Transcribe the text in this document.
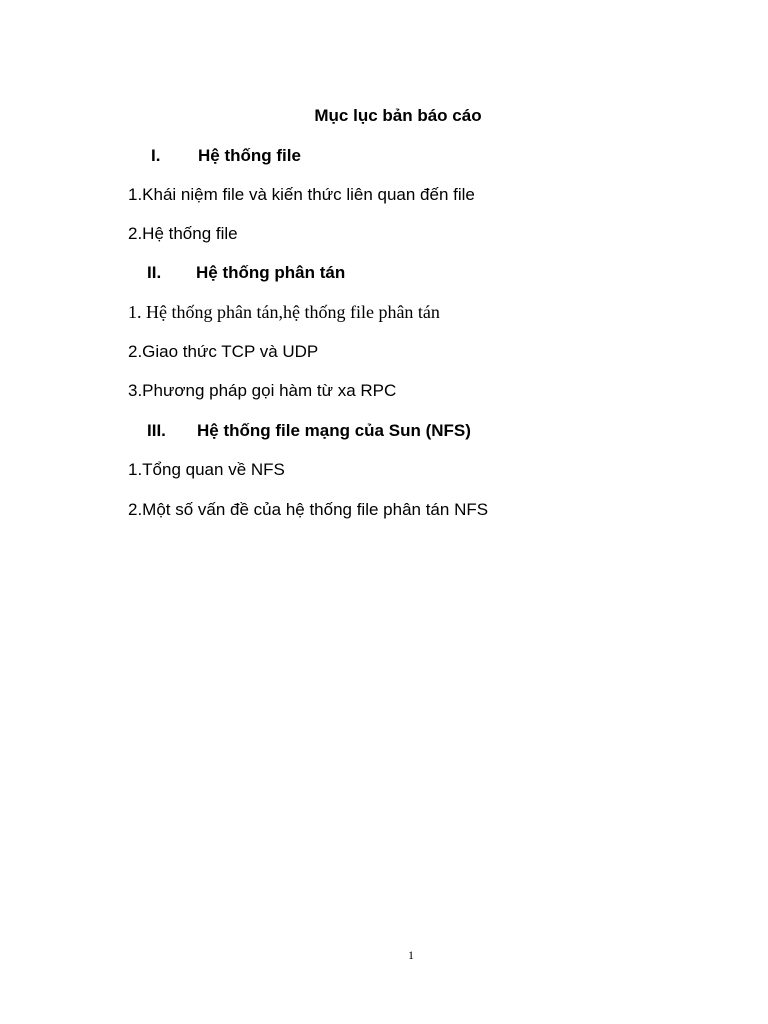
Mục lục bản báo cáo
I. Hệ thống file
1.Khái niệm file và kiến thức liên quan đến file
2.Hệ thống file
II. Hệ thống phân tán
1. Hệ thống phân tán,hệ thống file phân tán
2.Giao thức TCP và UDP
3.Phương pháp gọi hàm từ xa RPC
III. Hệ thống file mạng của Sun (NFS)
1.Tổng quan về NFS
2.Một số vấn đề của hệ thống file phân tán NFS
1
